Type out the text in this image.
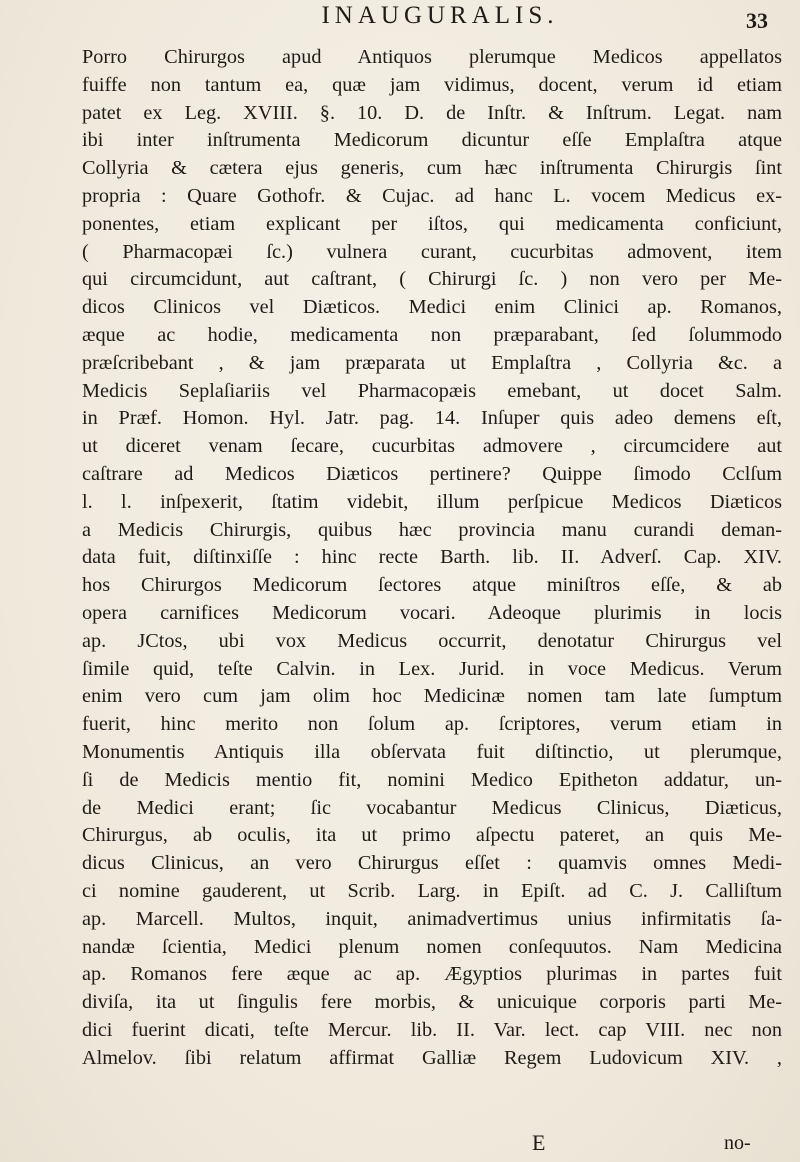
INAUGURALIS.	33
Porro Chirurgos apud Antiquos plerumque Medicos appellatos
fuiffe non tantum ea, quæ jam vidimus, docent, verum id etiam
patet ex Leg. XVIII. §. 10. D. de Inſtr. & Inſtrum. Legat. nam
ibi inter inſtrumenta Medicorum dicuntur eſſe Emplaſtra atque
Collyria & cætera ejus generis, cum hæc inſtrumenta Chirurgis ſint
propria : Quare Gothofr. & Cujac. ad hanc L. vocem Medicus ex-
ponentes, etiam explicant per iſtos, qui medicamenta conficiunt,
( Pharmacopæi ſc.) vulnera curant, cucurbitas admovent, item
qui circumcidunt, aut caſtrant, ( Chirurgi ſc. ) non vero per Me-
dicos Clinicos vel Diæticos. Medici enim Clinici ap. Romanos,
æque ac hodie, medicamenta non præparabant, ſed ſolummodo
præſcribebant , & jam præparata ut Emplaſtra , Collyria &c. a
Medicis Seplaſiariis vel Pharmacopæis emebant, ut docet Salm.
in Præf. Homon. Hyl. Jatr. pag. 14. Inſuper quis adeo demens eſt,
ut diceret venam ſecare, cucurbitas admovere , circumcidere aut
caſtrare ad Medicos Diæticos pertinere? Quippe ſimodo Cclſum
l. l. inſpexerit, ſtatim videbit, illum perſpicue Medicos Diæticos
a Medicis Chirurgis, quibus hæc provincia manu curandi deman-
data fuit, diſtinxiſſe : hinc recte Barth. lib. II. Adverſ. Cap. XIV.
hos Chirurgos Medicorum ſectores atque miniſtros eſſe, & ab
opera carnifices Medicorum vocari. Adeoque plurimis in locis
ap. JCtos, ubi vox Medicus occurrit, denotatur Chirurgus vel
ſimile quid, teſte Calvin. in Lex. Jurid. in voce Medicus. Verum
enim vero cum jam olim hoc Medicinæ nomen tam late ſumptum
fuerit, hinc merito non ſolum ap. ſcriptores, verum etiam in
Monumentis Antiquis illa obſervata fuit diſtinctio, ut plerumque,
ſi de Medicis mentio fit, nomini Medico Epitheton addatur, un-
de Medici erant; ſic vocabantur Medicus Clinicus, Diæticus,
Chirurgus, ab oculis, ita ut primo aſpectu pateret, an quis Me-
dicus Clinicus, an vero Chirurgus eſſet : quamvis omnes Medi-
ci nomine gauderent, ut Scrib. Larg. in Epiſt. ad C. J. Calliſtum
ap. Marcell. Multos, inquit, animadvertimus unius infirmitatis ſa-
nandæ ſcientia, Medici plenum nomen conſequutos. Nam Medicina
ap. Romanos fere æque ac ap. Ægyptios plurimas in partes fuit
diviſa, ita ut ſingulis fere morbis, & unicuique corporis parti Me-
dici fuerint dicati, teſte Mercur. lib. II. Var. lect. cap VIII. nec non
Almelov. ſibi relatum affirmat Galliæ Regem Ludovicum XIV. ,
E	no-
